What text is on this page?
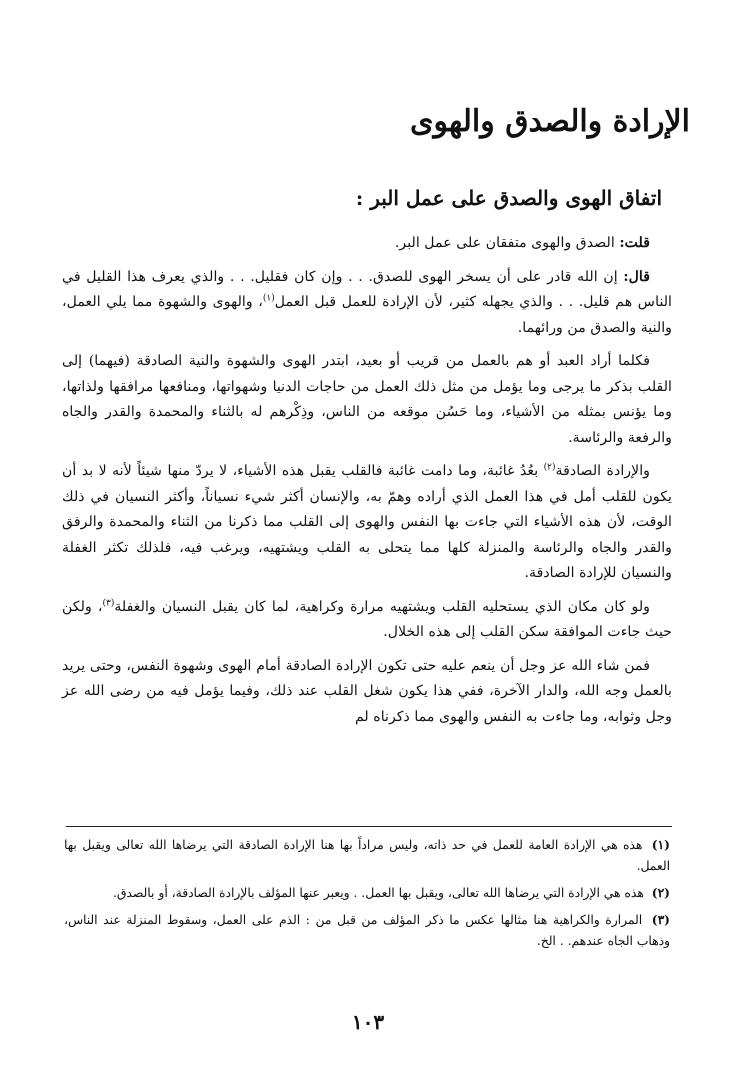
الإرادة والصدق والهوى
اتفاق الهوى والصدق على عمل البر :

قلت: الصدق والهوى متفقان على عمل البر.

قال: إن الله قادر على أن يسخر الهوى للصدق. . . وإن كان فقليل. . . والذي يعرف هذا القليل في الناس هم قليل. . . والذي يجهله كثير، لأن الإرادة للعمل قبل العمل$^{(١)}$، والهوى والشهوة مما يلي العمل، والنية والصدق من ورائهما.

فكلما أراد العبد أو هم بالعمل من قريب أو بعيد، ابتدر الهوى والشهوة والنية الصادقة (فيهما) إلى القلب بذكر ما يرجى وما يؤمل من مثل ذلك العمل من حاجات الدنيا وشهواتها، ومنافعها مرافقها ولذاتها، وما يؤنس بمثله من الأشياء، وما حَسُن موقعه من الناس، وذِكْرهم له بالثناء والمحمدة والقدر والجاه والرفعة والرئاسة.

والإرادة الصادقة$^{(٢)}$ بعُدُ غائبة، وما دامت غائبة فالقلب يقبل هذه الأشياء، لا يردّ منها شيئاً لأنه لا بد أن يكون للقلب أمل في هذا العمل الذي أراده وهمّ به، والإنسان أكثر شيء نسياناً، وأكثر النسيان في ذلك الوقت، لأن هذه الأشياء التي جاءت بها النفس والهوى إلى القلب مما ذكرنا من الثناء والمحمدة والرفق والقدر والجاه والرئاسة والمنزلة كلها مما يتحلى به القلب ويشتهيه، ويرغب فيه، فلذلك تكثر الغفلة والنسيان للإرادة الصادقة.

ولو كان مكان الذي يستحليه القلب ويشتهيه مرارة وكراهية، لما كان يقبل النسيان والغفلة$^{(٣)}$، ولكن حيث جاءت الموافقة سكن القلب إلى هذه الخلال.

فمن شاء الله عز وجل أن ينعم عليه حتى تكون الإرادة الصادقة أمام الهوى وشهوة النفس، وحتى يريد بالعمل وجه الله، والدار الآخرة، ففي هذا يكون شغل القلب عند ذلك، وفيما يؤمل فيه من رضى الله عز وجل وثوابه، وما جاءت به النفس والهوى مما ذكرناه لم

(١) هذه هي الإرادة العامة للعمل في حد ذاته، وليس مراداً بها هنا الإرادة الصادقة التي يرضاها الله تعالى ويقبل بها العمل.

(٢) هذه هي الإرادة التي يرضاها الله تعالى، ويقبل بها العمل. . ويعبر عنها المؤلف بالإرادة الصادقة، أو بالصدق.

(٣) المرارة والكراهية هنا مثالها عكس ما ذكر المؤلف من قبل من : الذم على العمل، وسقوط المنزلة عند الناس، وذهاب الجاه عندهم. . الخ.

١٠٣
